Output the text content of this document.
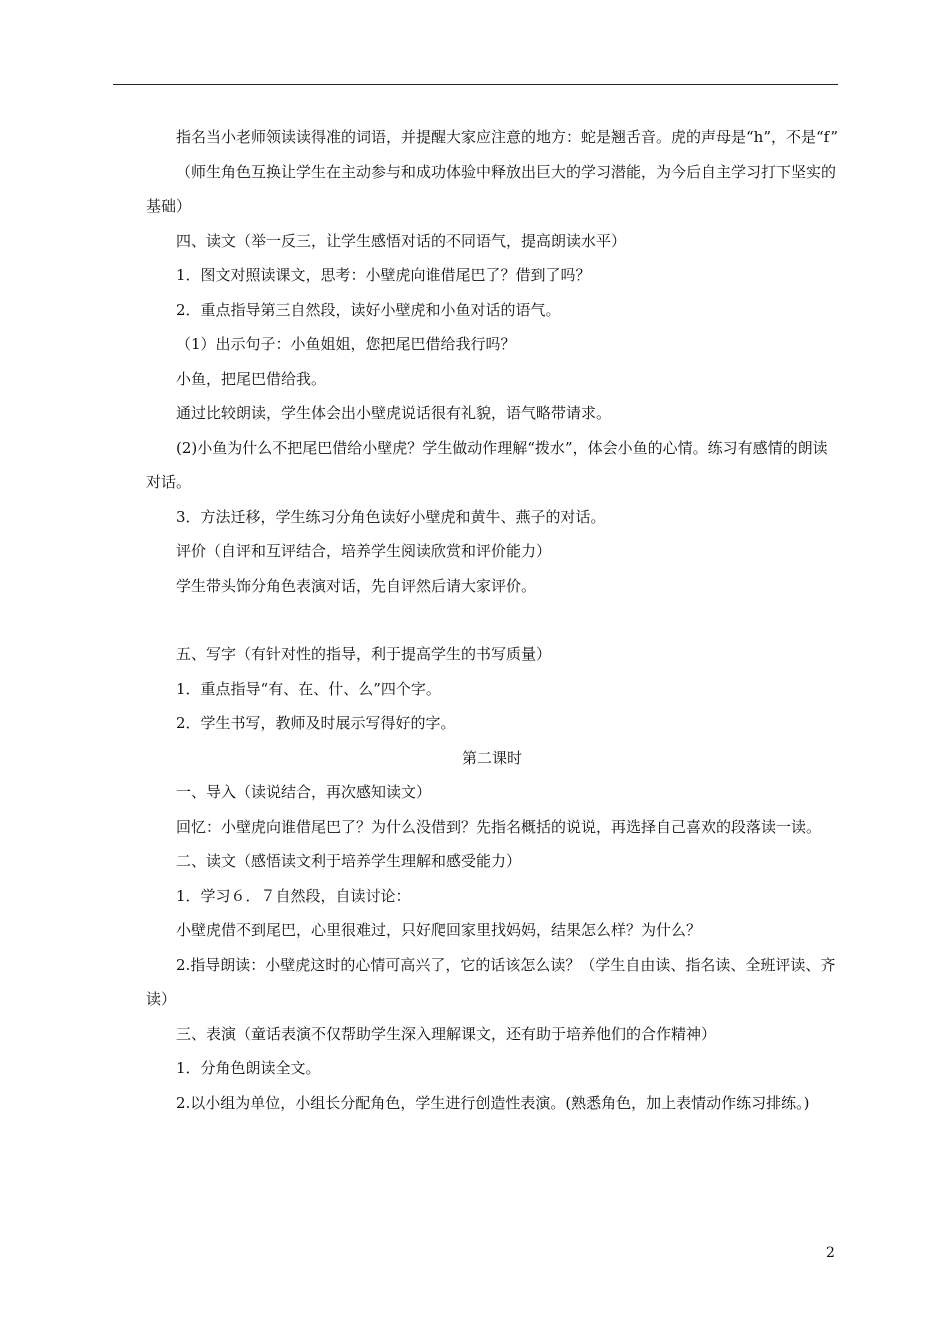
指名当小老师领读读得准的词语，并提醒大家应注意的地方：蛇是翘舌音。虎的声母是“h”，不是“f”

（师生角色互换让学生在主动参与和成功体验中释放出巨大的学习潜能，为今后自主学习打下坚实的基础）

四、读文（举一反三，让学生感悟对话的不同语气，提高朗读水平）

1．图文对照读课文，思考：小壁虎向谁借尾巴了？借到了吗？

2．重点指导第三自然段，读好小壁虎和小鱼对话的语气。

（1）出示句子：小鱼姐姐，您把尾巴借给我行吗？

小鱼，把尾巴借给我。

通过比较朗读，学生体会出小壁虎说话很有礼貌，语气略带请求。

(2)小鱼为什么不把尾巴借给小壁虎？学生做动作理解“拨水”，体会小鱼的心情。练习有感情的朗读对话。

3．方法迁移，学生练习分角色读好小壁虎和黄牛、燕子的对话。

评价（自评和互评结合，培养学生阅读欣赏和评价能力）

学生带头饰分角色表演对话，先自评然后请大家评价。

五、写字（有针对性的指导，利于提高学生的书写质量）

1．重点指导“有、在、什、么”四个字。

2．学生书写，教师及时展示写得好的字。

第二课时

一、导入（读说结合，再次感知读文）

回忆：小壁虎向谁借尾巴了？为什么没借到？先指名概括的说说，再选择自己喜欢的段落读一读。

二、读文（感悟读文利于培养学生理解和感受能力）

1．学习６．７自然段，自读讨论：

小壁虎借不到尾巴，心里很难过，只好爬回家里找妈妈，结果怎么样？为什么？

2.指导朗读：小壁虎这时的心情可高兴了，它的话该怎么读？（学生自由读、指名读、全班评读、齐读）

三、表演（童话表演不仅帮助学生深入理解课文，还有助于培养他们的合作精神）

1．分角色朗读全文。

2.以小组为单位，小组长分配角色，学生进行创造性表演。(熟悉角色，加上表情动作练习排练。)

2
